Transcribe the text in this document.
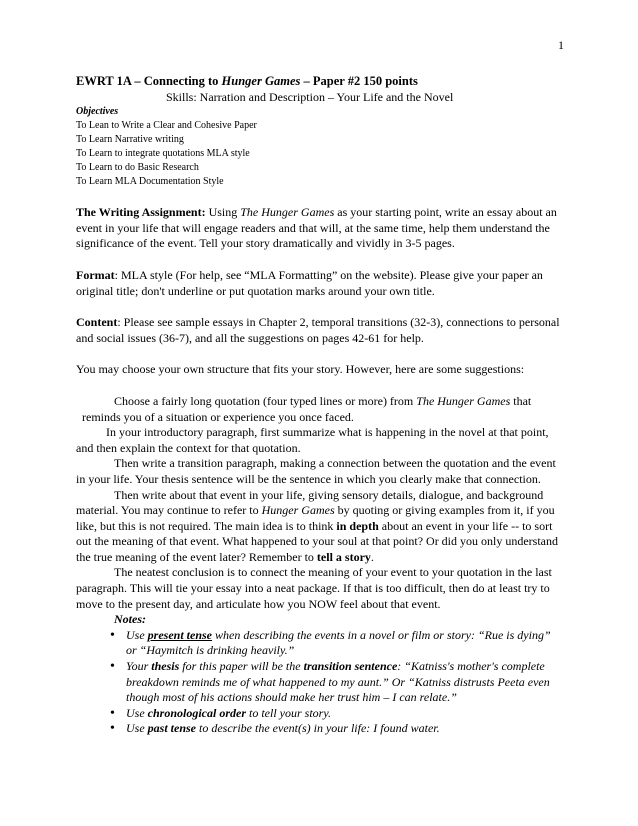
1
EWRT 1A – Connecting to Hunger Games – Paper #2 150 points
Skills: Narration and Description – Your Life and the Novel
Objectives
To Lean to Write a Clear and Cohesive Paper
To Learn Narrative writing
To Learn to integrate quotations MLA style
To Learn to do Basic Research
To Learn MLA Documentation Style

The Writing Assignment: Using The Hunger Games as your starting point, write an essay about an event in your life that will engage readers and that will, at the same time, help them understand the significance of the event. Tell your story dramatically and vividly in 3-5 pages.

Format: MLA style (For help, see “MLA Formatting” on the website). Please give your paper an original title; don't underline or put quotation marks around your own title.

Content: Please see sample essays in Chapter 2, temporal transitions (32-3), connections to personal and social issues (36-7), and all the suggestions on pages 42-61 for help.

You may choose your own structure that fits your story. However, here are some suggestions:

Choose a fairly long quotation (four typed lines or more) from The Hunger Games that

reminds you of a situation or experience you once faced.

In your introductory paragraph, first summarize what is happening in the novel at that point, and then explain the context for that quotation.

Then write a transition paragraph, making a connection between the quotation and the event in your life. Your thesis sentence will be the sentence in which you clearly make that connection.

Then write about that event in your life, giving sensory details, dialogue, and background material. You may continue to refer to Hunger Games by quoting or giving examples from it, if you like, but this is not required. The main idea is to think in depth about an event in your life -- to sort out the meaning of that event. What happened to your soul at that point? Or did you only understand the true meaning of the event later? Remember to tell a story.

The neatest conclusion is to connect the meaning of your event to your quotation in the last paragraph. This will tie your essay into a neat package. If that is too difficult, then do at least try to move to the present day, and articulate how you NOW feel about that event.

Notes:
• Use present tense when describing the events in a novel or film or story: “Rue is dying” or “Haymitch is drinking heavily.”
• Your thesis for this paper will be the transition sentence: “Katniss's mother's complete breakdown reminds me of what happened to my aunt.” Or “Katniss distrusts Peeta even though most of his actions should make her trust him – I can relate.”
• Use chronological order to tell your story.
• Use past tense to describe the event(s) in your life: I found water.
